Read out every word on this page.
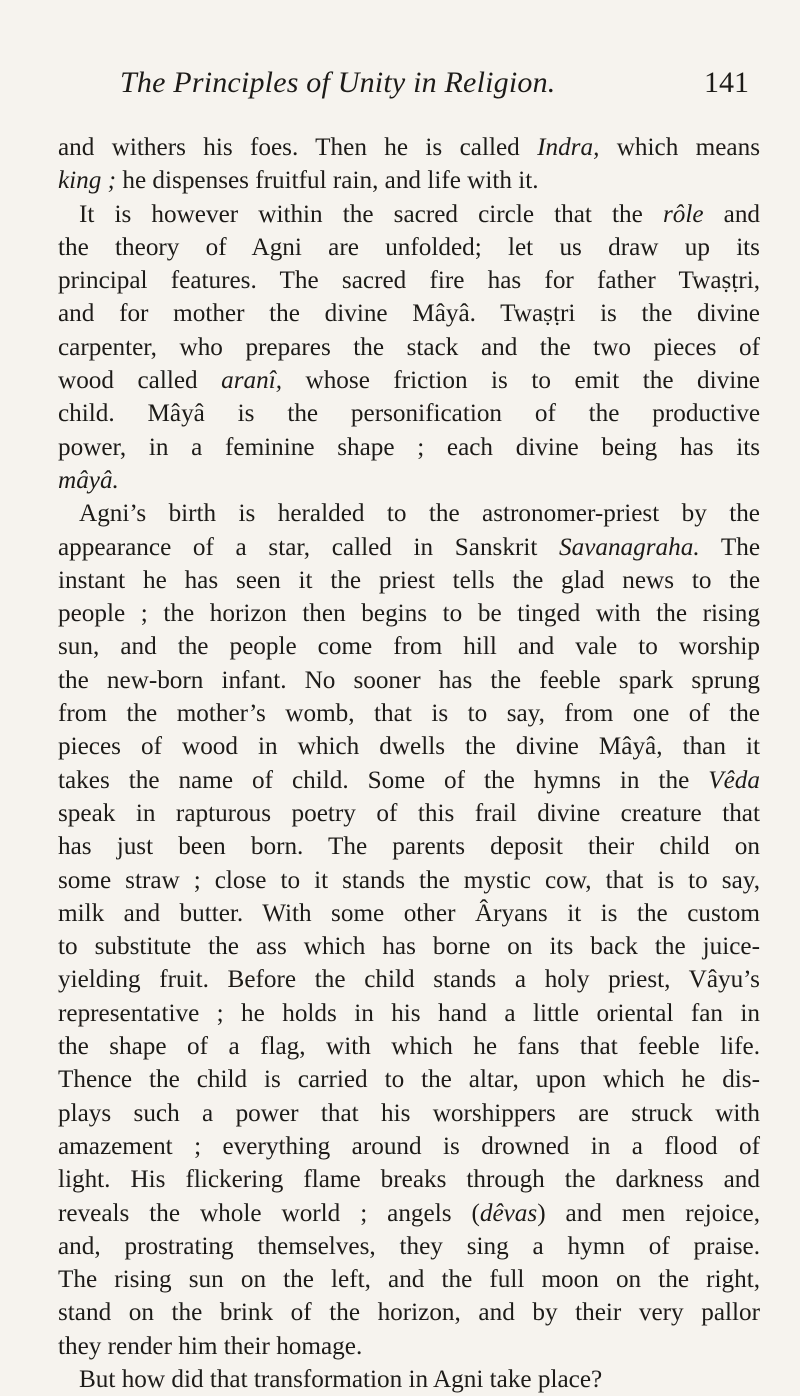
The Principles of Unity in Religion.	141
and withers his foes. Then he is called Indra, which means
king ; he dispenses fruitful rain, and life with it.
It is however within the sacred circle that the rôle and
the theory of Agni are unfolded; let us draw up its
principal features. The sacred fire has for father Twaṣṭri,
and for mother the divine Mâyâ. Twaṣṭri is the divine
carpenter, who prepares the stack and the two pieces of
wood called aranî, whose friction is to emit the divine
child. Mâyâ is the personification of the productive
power, in a feminine shape ; each divine being has its
mâyâ.
Agni’s birth is heralded to the astronomer-priest by the
appearance of a star, called in Sanskrit Savanagraha. The
instant he has seen it the priest tells the glad news to the
people ; the horizon then begins to be tinged with the rising
sun, and the people come from hill and vale to worship
the new-born infant. No sooner has the feeble spark sprung
from the mother’s womb, that is to say, from one of the
pieces of wood in which dwells the divine Mâyâ, than it
takes the name of child. Some of the hymns in the Vêda
speak in rapturous poetry of this frail divine creature that
has just been born. The parents deposit their child on
some straw ; close to it stands the mystic cow, that is to say,
milk and butter. With some other Âryans it is the custom
to substitute the ass which has borne on its back the juice-
yielding fruit. Before the child stands a holy priest, Vâyu’s
representative ; he holds in his hand a little oriental fan in
the shape of a flag, with which he fans that feeble life.
Thence the child is carried to the altar, upon which he dis-
plays such a power that his worshippers are struck with
amazement ; everything around is drowned in a flood of
light. His flickering flame breaks through the darkness and
reveals the whole world ; angels (dêvas) and men rejoice,
and, prostrating themselves, they sing a hymn of praise.
The rising sun on the left, and the full moon on the right,
stand on the brink of the horizon, and by their very pallor
they render him their homage.
But how did that transformation in Agni take place?
